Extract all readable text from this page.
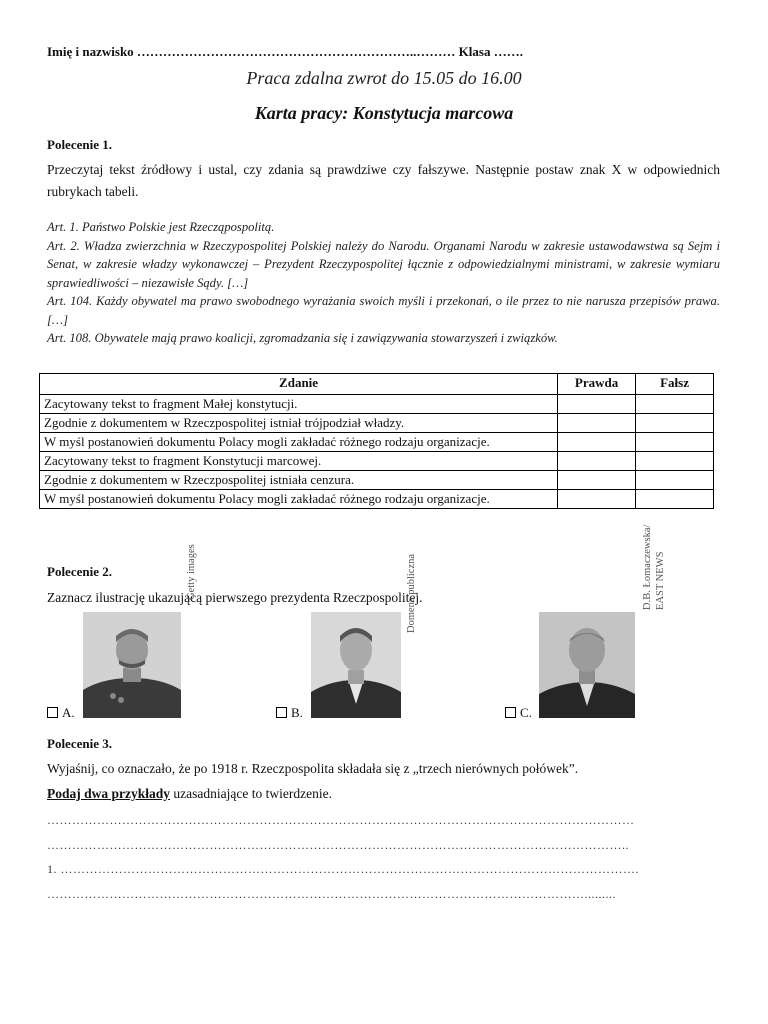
Imię i nazwisko ………………………………………………………..……… Klasa …….
Praca zdalna zwrot do 15.05 do 16.00
Karta pracy: Konstytucja marcowa
Polecenie 1.
Przeczytaj tekst źródłowy i ustal, czy zdania są prawdziwe czy fałszywe. Następnie postaw znak X w odpowiednich rubrykach tabeli.
Art. 1. Państwo Polskie jest Rzecząpospolitą.
Art. 2. Władza zwierzchnia w Rzeczypospolitej Polskiej należy do Narodu. Organami Narodu w zakresie ustawodawstwa są Sejm i Senat, w zakresie władzy wykonawczej – Prezydent Rzeczypospolitej łącznie z odpowiedzialnymi ministrami, w zakresie wymiaru sprawiedliwości – niezawisłe Sądy. […]
Art. 104. Każdy obywatel ma prawo swobodnego wyrażania swoich myśli i przekonań, o ile przez to nie narusza przepisów prawa. […]
Art. 108. Obywatele mają prawo koalicji, zgromadzania się i zawiązywania stowarzyszeń i związków.
Zdanie	Prawda	Fałsz
Zacytowany tekst to fragment Małej konstytucji.		
Zgodnie z dokumentem w Rzeczpospolitej istniał trójpodział władzy.		
W myśl postanowień dokumentu Polacy mogli zakładać różnego rodzaju organizacje.		
Zacytowany tekst to fragment Konstytucji marcowej.		
Zgodnie z dokumentem w Rzeczpospolitej istniała cenzura.		
W myśl postanowień dokumentu Polacy mogli zakładać różnego rodzaju organizacje.		
Polecenie 2.
Zaznacz ilustrację ukazującą pierwszego prezydenta Rzeczpospolitej.
Getty images	Domena publiczna	D.B. Łomaczewska/ EAST NEWS
A.	B.	C.
Polecenie 3.
Wyjaśnij, co oznaczało, że po 1918 r. Rzeczpospolita składała się z „trzech nierównych połówek”.
Podaj dwa przykłady uzasadniające to twierdzenie.
……………………………………………………………………………………………………………………………
…………………………………………………………………………………………………………………………..
1. ………………………………………………………………………………………………………………………….
………………………………………………………………………………………………………………….........
